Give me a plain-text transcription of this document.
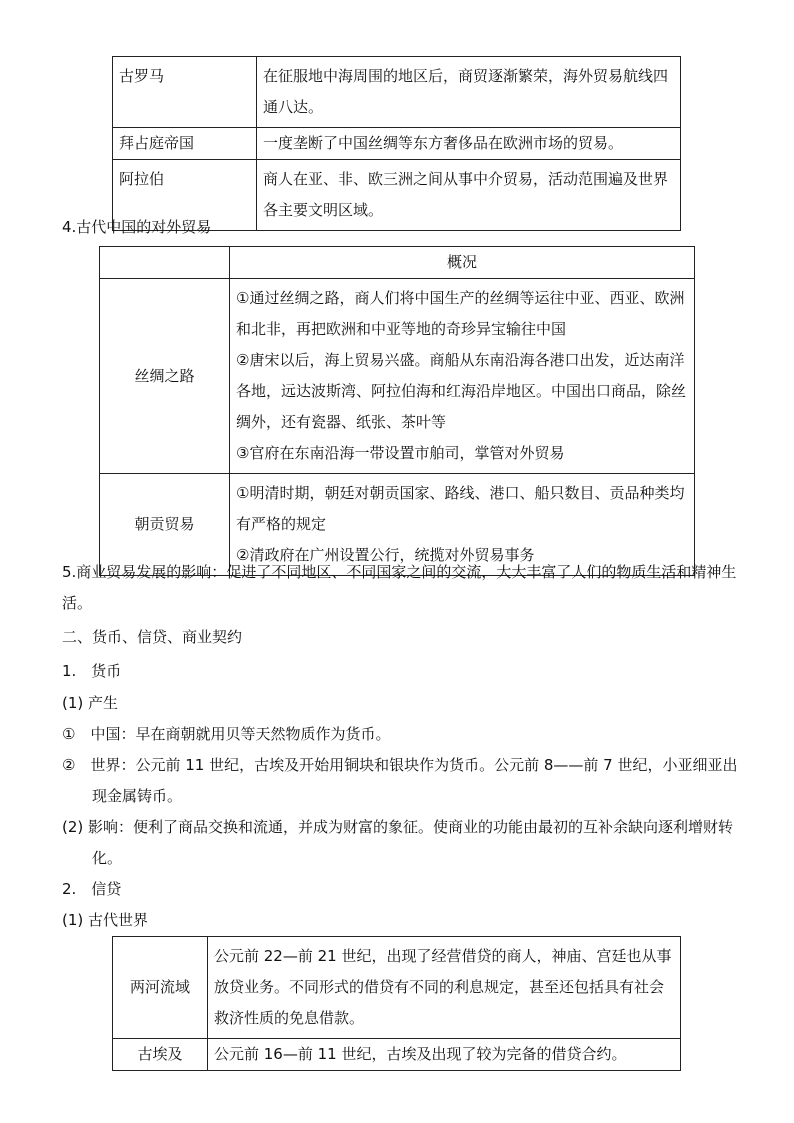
古罗马	在征服地中海周围的地区后，商贸逐渐繁荣，海外贸易航线四通八达。
拜占庭帝国	一度垄断了中国丝绸等东方奢侈品在欧洲市场的贸易。
阿拉伯	商人在亚、非、欧三洲之间从事中介贸易，活动范围遍及世界各主要文明区域。
4.古代中国的对外贸易
	概况
丝绸之路	①通过丝绸之路，商人们将中国生产的丝绸等运往中亚、西亚、欧洲和北非，再把欧洲和中亚等地的奇珍异宝输往中国
②唐宋以后，海上贸易兴盛。商船从东南沿海各港口出发，近达南洋各地，远达波斯湾、阿拉伯海和红海沿岸地区。中国出口商品，除丝绸外，还有瓷器、纸张、茶叶等
③官府在东南沿海一带设置市舶司，掌管对外贸易

朝贡贸易	①明清时期，朝廷对朝贡国家、路线、港口、船只数目、贡品种类均有严格的规定
②清政府在广州设置公行，统揽对外贸易事务
5.商业贸易发展的影响：促进了不同地区、不同国家之间的交流，大大丰富了人们的物质生活和精神生活。
二、货币、信贷、商业契约
1.　货币
(1) 产生
①　中国：早在商朝就用贝等天然物质作为货币。
②　世界：公元前 11 世纪，古埃及开始用铜块和银块作为货币。公元前 8——前 7 世纪，小亚细亚出现金属铸币。
(2) 影响：便利了商品交换和流通，并成为财富的象征。使商业的功能由最初的互补余缺向逐利增财转化。
2.　信贷
(1) 古代世界
两河流域	公元前 22—前 21 世纪，出现了经营借贷的商人，神庙、宫廷也从事放贷业务。不同形式的借贷有不同的利息规定，甚至还包括具有社会救济性质的免息借款。
古埃及	公元前 16—前 11 世纪，古埃及出现了较为完备的借贷合约。
